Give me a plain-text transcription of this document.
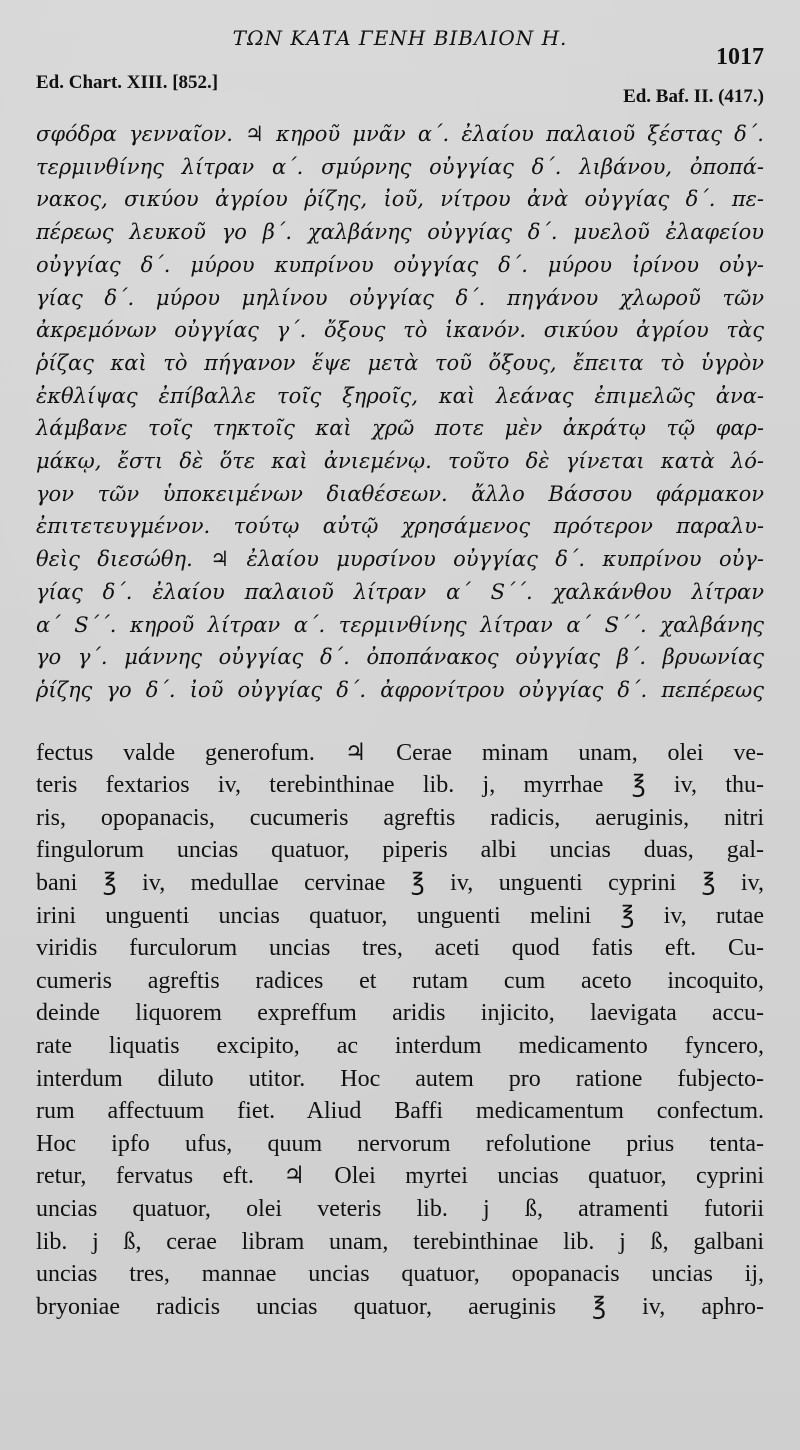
ΤΩΝ ΚΑΤΑ ΓΕΝΗ ΒΙΒΛΙΟΝ Η.
1017
Ed. Chart. XIII. [852.]
Ed. Baf. II. (417.)
σφόδρα γενναῖον. ♃ κηροῦ μνᾶν α΄. ἐλαίου παλαιοῦ ξέστας δ΄.
τερμινθίνης λίτραν α΄. σμύρνης οὐγγίας δ΄. λιβάνου, ὀποπά-
νακος, σικύου ἀγρίου ῥίζης, ἰοῦ, νίτρου ἀνὰ οὐγγίας δ΄. πε-
πέρεως λευκοῦ γο β΄. χαλβάνης οὐγγίας δ΄. μυελοῦ ἐλαφείου
οὐγγίας δ΄. μύρου κυπρίνου οὐγγίας δ΄. μύρου ἰρίνου οὐγ-
γίας δ΄. μύρου μηλίνου οὐγγίας δ΄. πηγάνου χλωροῦ τῶν
ἀκρεμόνων οὐγγίας γ΄. ὄξους τὸ ἱκανόν. σικύου ἀγρίου τὰς
ῥίζας καὶ τὸ πήγανον ἕψε μετὰ τοῦ ὄξους, ἔπειτα τὸ ὑγρὸν
ἐκθλίψας ἐπίβαλλε τοῖς ξηροῖς, καὶ λεάνας ἐπιμελῶς ἀνα-
λάμβανε τοῖς τηκτοῖς καὶ χρῶ ποτε μὲν ἀκράτῳ τῷ φαρ-
μάκῳ, ἔστι δὲ ὅτε καὶ ἀνιεμένῳ. τοῦτο δὲ γίνεται κατὰ λό-
γον τῶν ὑποκειμένων διαθέσεων. ἄλλο Βάσσου φάρμακον
ἐπιτετευγμένον. τούτῳ αὐτῷ χρησάμενος πρότερον παραλυ-
θεὶς διεσώθη. ♃ ἐλαίου μυρσίνου οὐγγίας δ΄. κυπρίνου οὐγ-
γίας δ΄. ἐλαίου παλαιοῦ λίτραν α΄ S΄΄. χαλκάνθου λίτραν
α΄ S΄΄. κηροῦ λίτραν α΄. τερμινθίνης λίτραν α΄ S΄΄. χαλβάνης
γο γ΄. μάννης οὐγγίας δ΄. ὀποπάνακος οὐγγίας β΄. βρυωνίας
ῥίζης γο δ΄. ἰοῦ οὐγγίας δ΄. ἀφρονίτρου οὐγγίας δ΄. πεπέρεως
fectus valde generofum. ♃ Cerae minam unam, olei ve-
teris fextarios iv, terebinthinae lib. j, myrrhae ℥ iv, thu-
ris, opopanacis, cucumeris agreftis radicis, aeruginis, nitri
fingulorum uncias quatuor, piperis albi uncias duas, gal-
bani ℥ iv, medullae cervinae ℥ iv, unguenti cyprini ℥ iv,
irini unguenti uncias quatuor, unguenti melini ℥ iv, rutae
viridis furculorum uncias tres, aceti quod fatis eft. Cu-
cumeris agreftis radices et rutam cum aceto incoquito,
deinde liquorem expreffum aridis injicito, laevigata accu-
rate liquatis excipito, ac interdum medicamento fyncero,
interdum diluto utitor. Hoc autem pro ratione fubjecto-
rum affectuum fiet. Aliud Baffi medicamentum confectum.
Hoc ipfo ufus, quum nervorum refolutione prius tenta-
retur, fervatus eft. ♃ Olei myrtei uncias quatuor, cyprini
uncias quatuor, olei veteris lib. j ß, atramenti futorii
lib. j ß, cerae libram unam, terebinthinae lib. j ß, galbani
uncias tres, mannae uncias quatuor, opopanacis uncias ij,
bryoniae radicis uncias quatuor, aeruginis ℥ iv, aphro-
